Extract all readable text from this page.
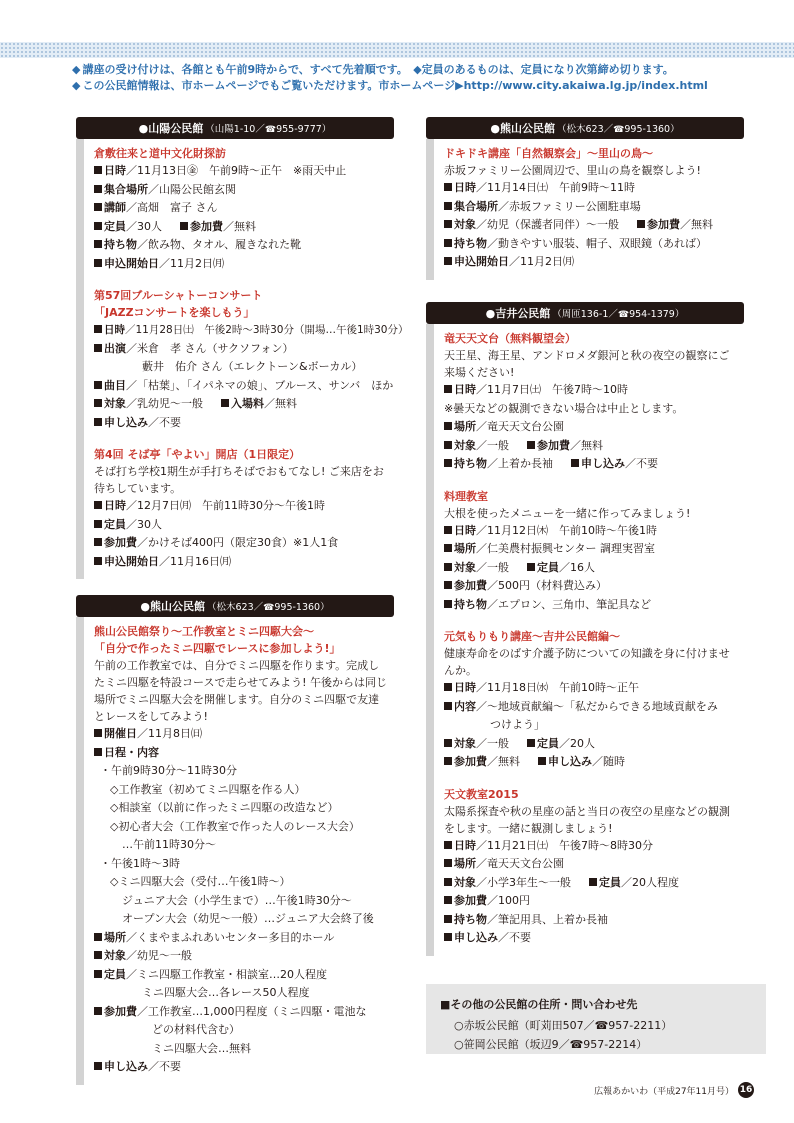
◆ 講座の受け付けは、各館とも午前9時からで、すべて先着順です。　◆定員のあるものは、定員になり次第締め切ります。
◆ この公民館情報は、市ホームページでもご覧いただけます。市ホームページ▶http://www.city.akaiwa.lg.jp/index.html
●山陽公民館 （山陽1-10／☎955-9777）
倉敷往来と道中文化財探訪
日時／11月13日㊎　午前9時～正午　※雨天中止
集合場所／山陽公民館玄関
講師／高畑　富子 さん
定員／30人	参加費／無料
持ち物／飲み物、タオル、履きなれた靴
申込開始日／11月2日㈪
第57回ブルーシャトーコンサート
「JAZZコンサートを楽しもう」
日時／11月28日㈯　午後2時～3時30分（開場…午後1時30分）
出演／米倉　孝 さん（サクソフォン）
藪井　佑介 さん（エレクトーン&ボーカル）
曲目／「枯葉」、「イパネマの娘」、ブルース、サンバ　ほか
対象／乳幼児～一般	入場料／無料
申し込み／不要
第4回 そば亭「やよい」開店（1日限定）
そば打ち学校1期生が手打ちそばでおもてなし! ご来店をお待ちしています。
日時／12月7日㈪　午前11時30分～午後1時
定員／30人
参加費／かけそば400円（限定30食）※1人1食
申込開始日／11月16日㈪
●熊山公民館 （松木623／☎995-1360）
熊山公民館祭り～工作教室とミニ四駆大会～
「自分で作ったミニ四駆でレースに参加しよう!」
午前の工作教室では、自分でミニ四駆を作ります。完成したミニ四駆を特設コースで走らせてみよう! 午後からは同じ場所でミニ四駆大会を開催します。自分のミニ四駆で友達とレースをしてみよう!
開催日／11月8日㈰
日程・内容
・午前9時30分～11時30分
◇工作教室（初めてミニ四駆を作る人）
◇相談室（以前に作ったミニ四駆の改造など）
◇初心者大会（工作教室で作った人のレース大会）
…午前11時30分～
・午後1時～3時
◇ミニ四駆大会（受付…午後1時～）
ジュニア大会（小学生まで）…午後1時30分～
オープン大会（幼児～一般）…ジュニア大会終了後
場所／くまやまふれあいセンター多目的ホール
対象／幼児～一般
定員／ミニ四駆工作教室・相談室…20人程度
ミニ四駆大会…各レース50人程度
参加費／工作教室…1,000円程度（ミニ四駆・電池な
どの材料代含む）
ミニ四駆大会…無料
申し込み／不要
●熊山公民館 （松木623／☎995-1360）
ドキドキ講座「自然観察会」～里山の鳥～
赤坂ファミリー公園周辺で、里山の鳥を観察しよう!
日時／11月14日㈯　午前9時～11時
集合場所／赤坂ファミリー公園駐車場
対象／幼児（保護者同伴）～一般	参加費／無料
持ち物／動きやすい服装、帽子、双眼鏡（あれば）
申込開始日／11月2日㈪
●吉井公民館 （周匝136-1／☎954-1379）
竜天天文台（無料観望会）
天王星、海王星、アンドロメダ銀河と秋の夜空の観察にご来場ください!
日時／11月7日㈯　午後7時～10時
※曇天などの観測できない場合は中止とします。
場所／竜天天文台公園
対象／一般	参加費／無料
持ち物／上着か長袖	申し込み／不要
料理教室
大根を使ったメニューを一緒に作ってみましょう!
日時／11月12日㈭　午前10時～午後1時
場所／仁美農村振興センター 調理実習室
対象／一般	定員／16人
参加費／500円（材料費込み）
持ち物／エプロン、三角巾、筆記具など
元気もりもり講座～吉井公民館編～
健康寿命をのばす介護予防についての知識を身に付けませんか。
日時／11月18日㈬　午前10時～正午
内容／～地域貢献編～「私だからできる地域貢献をみ
つけよう」
対象／一般	定員／20人
参加費／無料	申し込み／随時
天文教室2015
太陽系探査や秋の星座の話と当日の夜空の星座などの観測をします。一緒に観測しましょう!
日時／11月21日㈯　午後7時～8時30分
場所／竜天天文台公園
対象／小学3年生～一般	定員／20人程度
参加費／100円
持ち物／筆記用具、上着か長袖
申し込み／不要
■その他の公民館の住所・問い合わせ先
○赤坂公民館（町苅田507／☎957-2211）
○笹岡公民館（坂辺9／☎957-2214）
広報あかいわ（平成27年11月号） 16
